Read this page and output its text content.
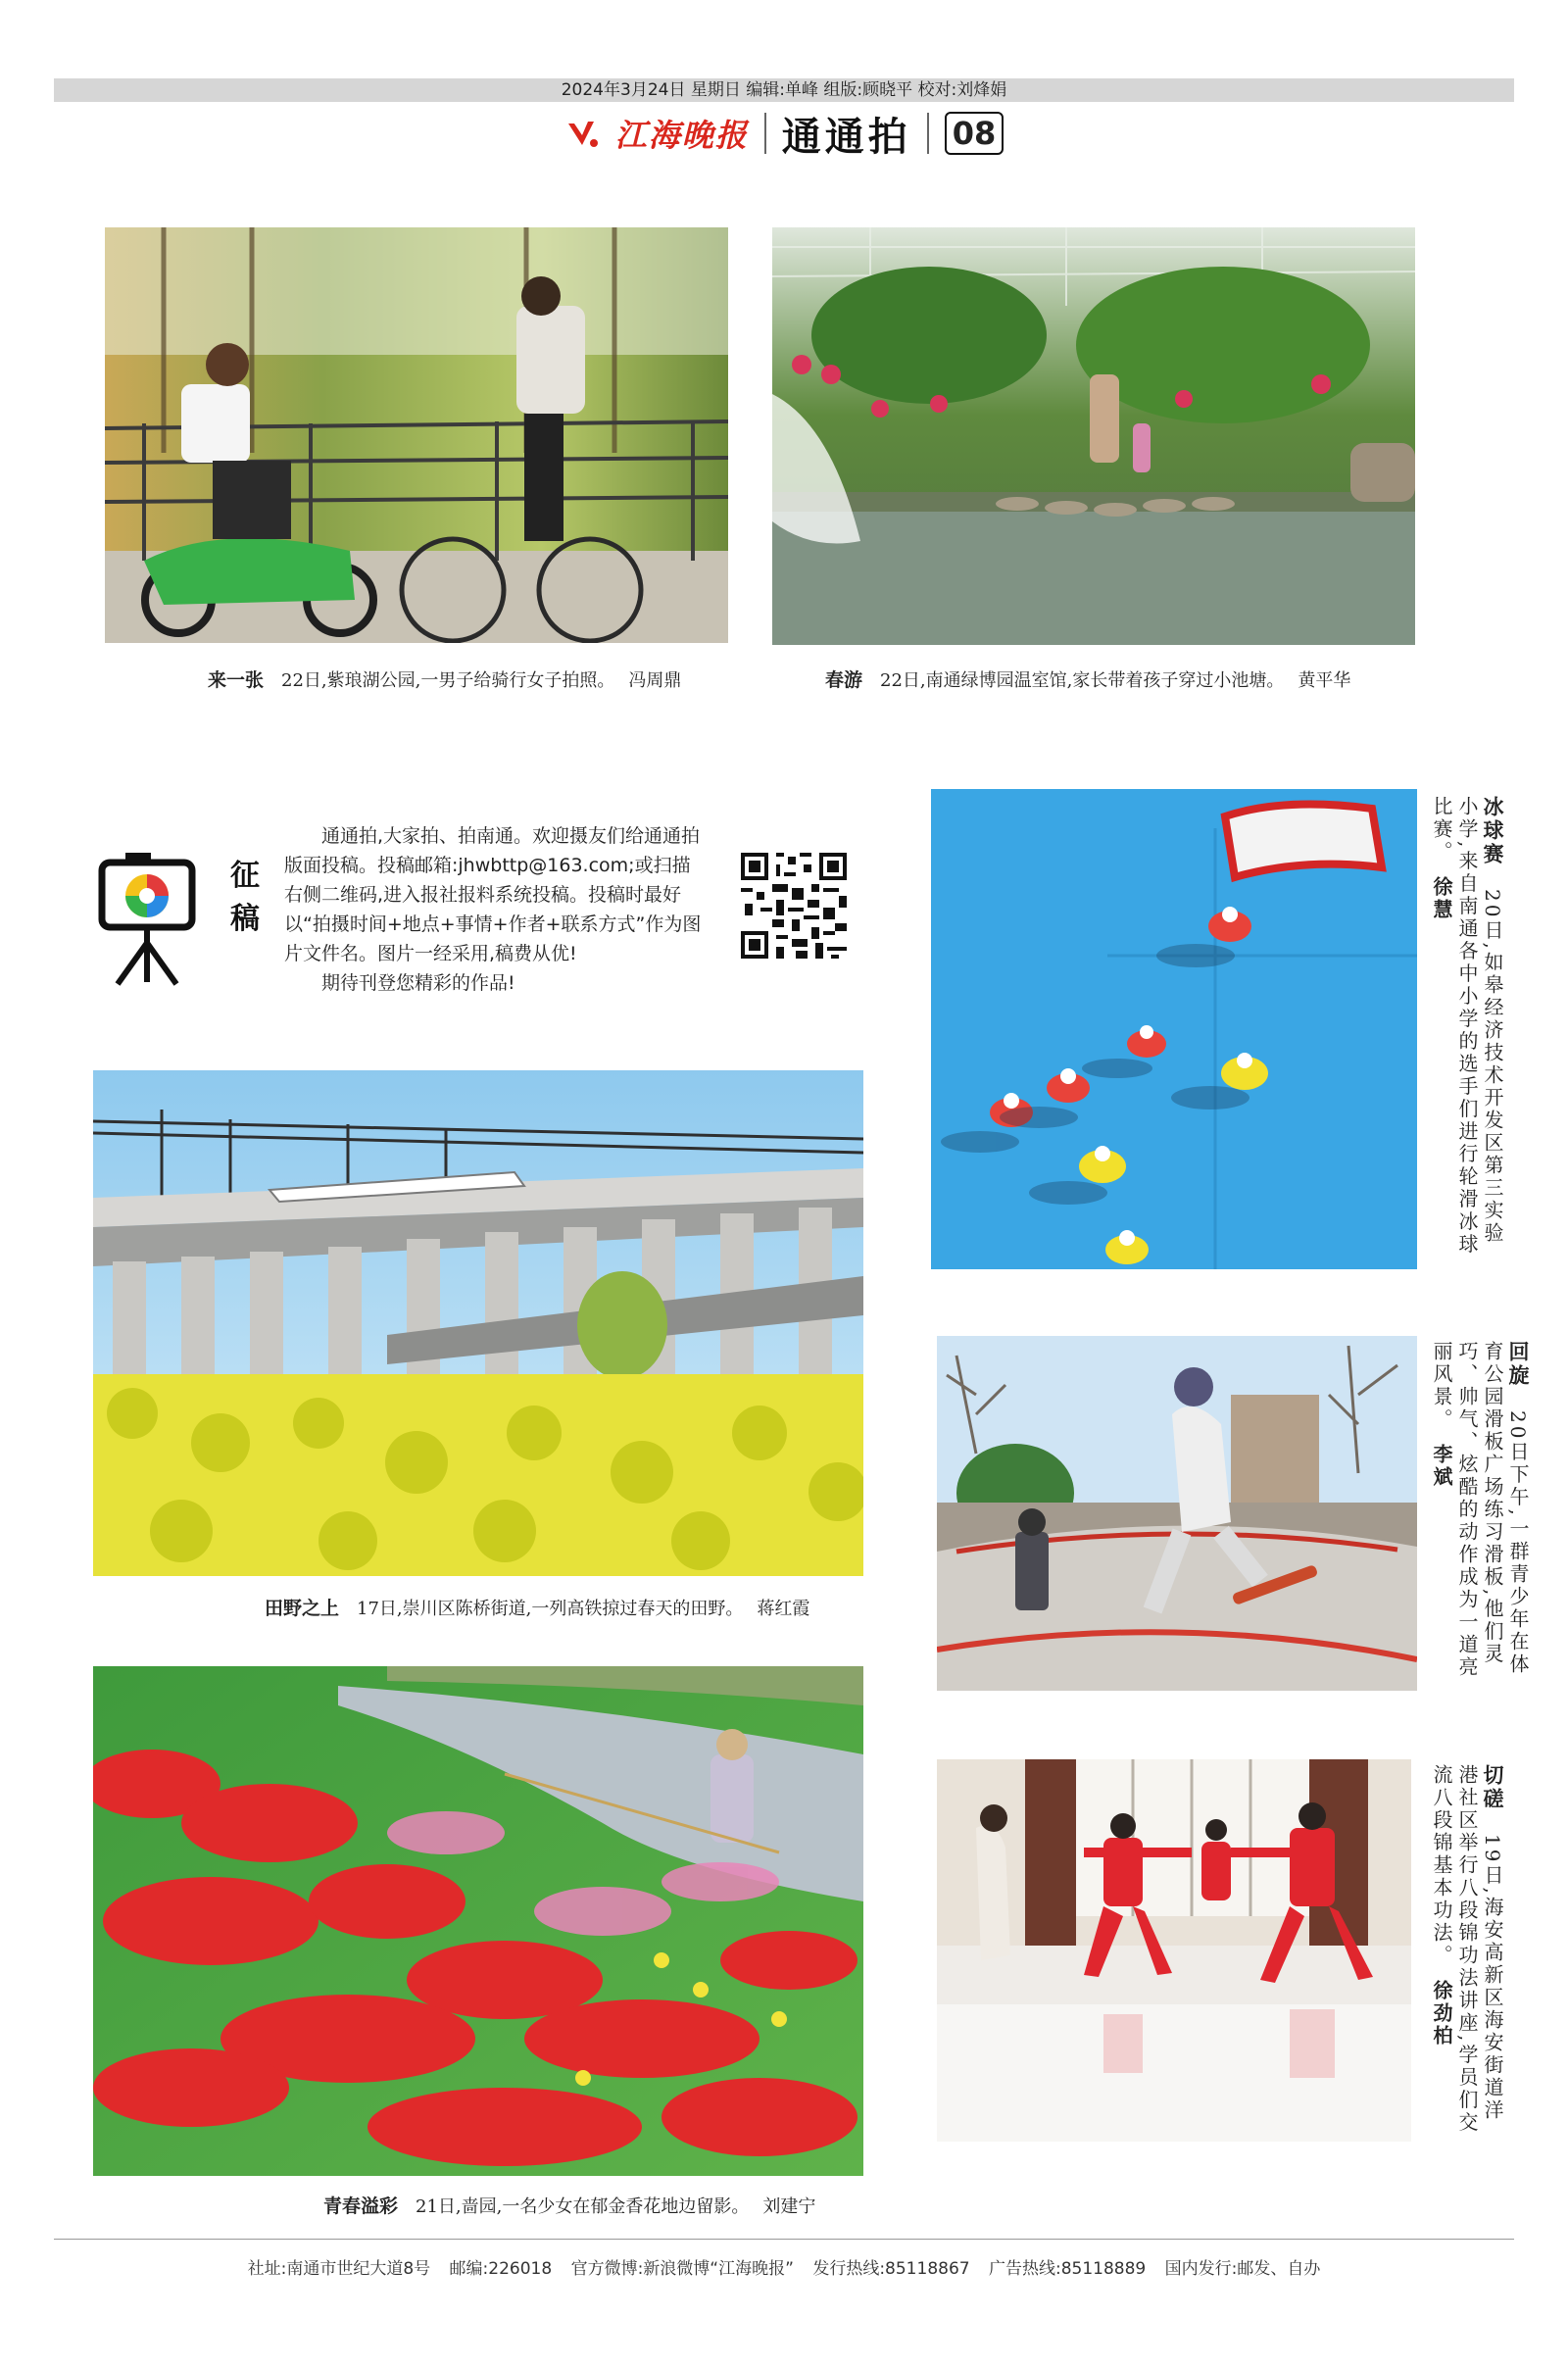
2024年3月24日 星期日 编辑:单峰 组版:顾晓平 校对:刘烽娟
江海晚报 通通拍 08
来一张 22日,紫琅湖公园,一男子给骑行女子拍照。 冯周鼎	春游 22日,南通绿博园温室馆,家长带着孩子穿过小池塘。 黄平华
征稿

通通拍,大家拍、拍南通。欢迎摄友们给通通拍版面投稿。投稿邮箱:jhwbttp@163.com;或扫描右侧二维码,进入报社报料系统投稿。投稿时最好以“拍摄时间+地点+事情+作者+联系方式”作为图片文件名。图片一经采用,稿费从优!

期待刊登您精彩的作品!

冰球赛　20日,如皋经济技术开发区第三实验小学,来自南通各中小学的选手们进行轮滑冰球比赛。　徐慧
田野之上 17日,崇川区陈桥街道,一列高铁掠过春天的田野。 蒋红霞
回旋　20日下午,一群青少年在体育公园滑板广场练习滑板,他们灵巧、帅气、炫酷的动作成为一道亮丽风景。　李斌
切磋　19日,海安高新区海安街道洋港社区举行八段锦功法讲座,学员们交流八段锦基本功法。　徐劲柏
青春溢彩 21日,啬园,一名少女在郁金香花地边留影。 刘建宁
社址:南通市世纪大道8号 邮编:226018 官方微博:新浪微博“江海晚报” 发行热线:85118867 广告热线:85118889 国内发行:邮发、自办
